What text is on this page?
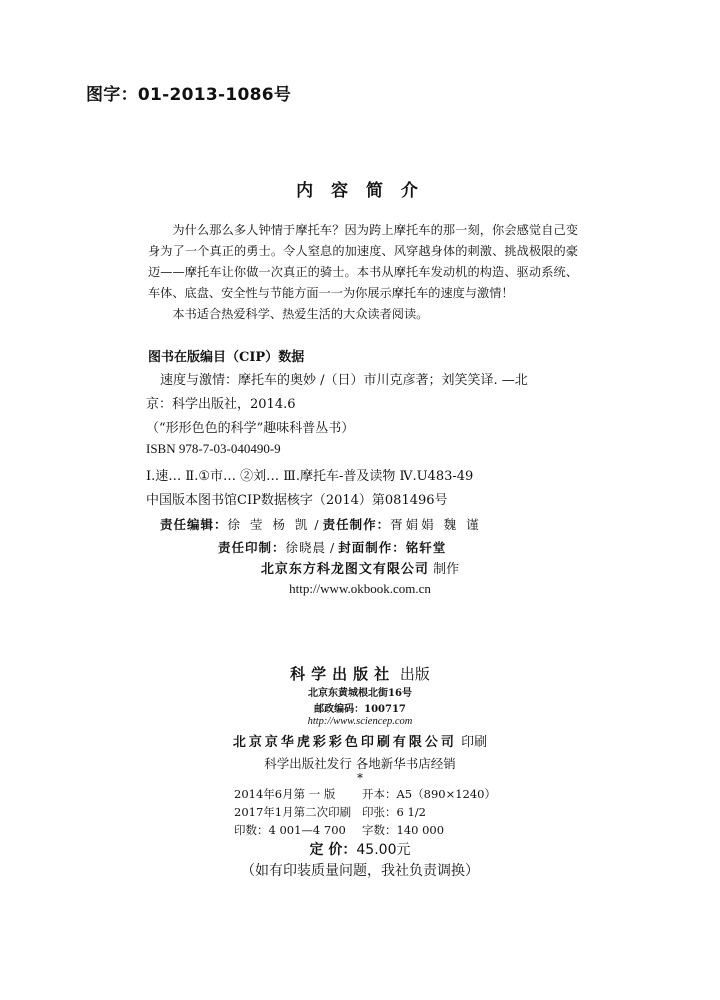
图字：01-2013-1086号
内 容 简 介

为什么那么多人钟情于摩托车？因为跨上摩托车的那一刻，你会感觉自己变身为了一个真正的勇士。令人窒息的加速度、风穿越身体的刺激、挑战极限的豪迈——摩托车让你做一次真正的骑士。本书从摩托车发动机的构造、驱动系统、车体、底盘、安全性与节能方面一一为你展示摩托车的速度与激情！

本书适合热爱科学、热爱生活的大众读者阅读。

图书在版编目（CIP）数据
速度与激情：摩托车的奥妙 /（日）市川克彦著；刘笑笑译. —北
京：科学出版社，2014.6
（“形形色色的科学”趣味科普丛书）
ISBN 978-7-03-040490-9
Ⅰ.速… Ⅱ.①市… ②刘… Ⅲ.摩托车-普及读物 Ⅳ.U483-49
中国版本图书馆CIP数据核字（2014）第081496号
责任编辑：徐 莹 杨 凯 / 责任制作：胥娟娟 魏 谨
责任印制：徐晓晨 / 封面制作：铭轩堂
北京东方科龙图文有限公司 制作
http://www.okbook.com.cn
科学出版社 出版
北京东黄城根北街16号
邮政编码：100717
http://www.sciencep.com
北京京华虎彩彩色印刷有限公司 印刷
科学出版社发行 各地新华书店经销
*
2014年6月第 一 版 开本：A5（890×1240）
2017年1月第二次印刷 印张：6 1/2
印数：4 001—4 700 字数：140 000
定 价：45.00元
（如有印装质量问题，我社负责调换）
